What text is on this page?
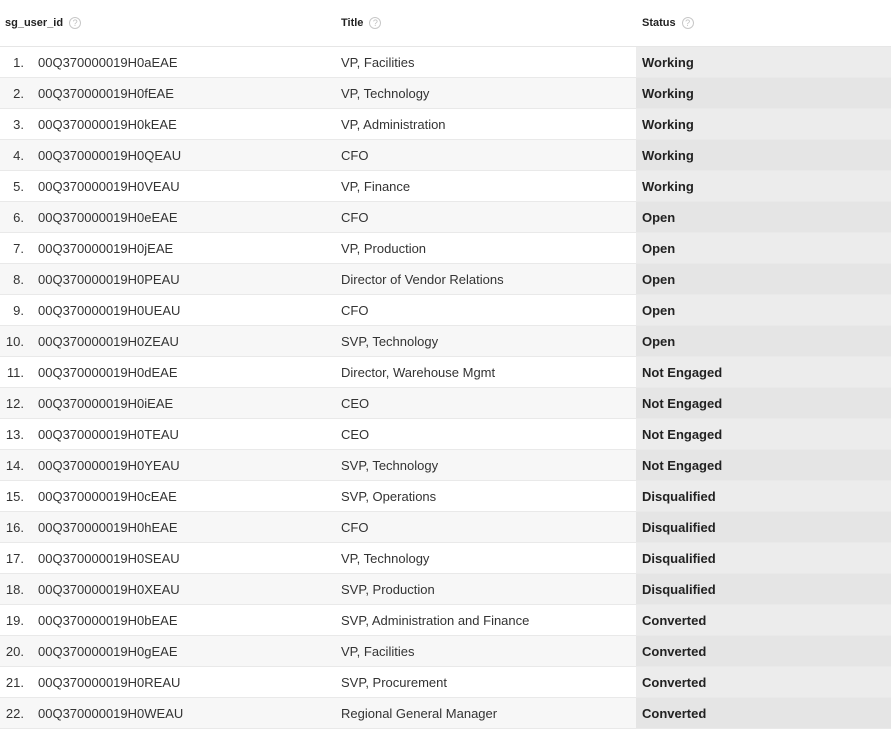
sg_user_id	?	Title	?	Status	?
1.	00Q370000019H0aEAE	VP, Facilities	Working
2.	00Q370000019H0fEAE	VP, Technology	Working
3.	00Q370000019H0kEAE	VP, Administration	Working
4.	00Q370000019H0QEAU	CFO	Working
5.	00Q370000019H0VEAU	VP, Finance	Working
6.	00Q370000019H0eEAE	CFO	Open
7.	00Q370000019H0jEAE	VP, Production	Open
8.	00Q370000019H0PEAU	Director of Vendor Relations	Open
9.	00Q370000019H0UEAU	CFO	Open
10.	00Q370000019H0ZEAU	SVP, Technology	Open
11.	00Q370000019H0dEAE	Director, Warehouse Mgmt	Not Engaged
12.	00Q370000019H0iEAE	CEO	Not Engaged
13.	00Q370000019H0TEAU	CEO	Not Engaged
14.	00Q370000019H0YEAU	SVP, Technology	Not Engaged
15.	00Q370000019H0cEAE	SVP, Operations	Disqualified
16.	00Q370000019H0hEAE	CFO	Disqualified
17.	00Q370000019H0SEAU	VP, Technology	Disqualified
18.	00Q370000019H0XEAU	SVP, Production	Disqualified
19.	00Q370000019H0bEAE	SVP, Administration and Finance	Converted
20.	00Q370000019H0gEAE	VP, Facilities	Converted
21.	00Q370000019H0REAU	SVP, Procurement	Converted
22.	00Q370000019H0WEAU	Regional General Manager	Converted
